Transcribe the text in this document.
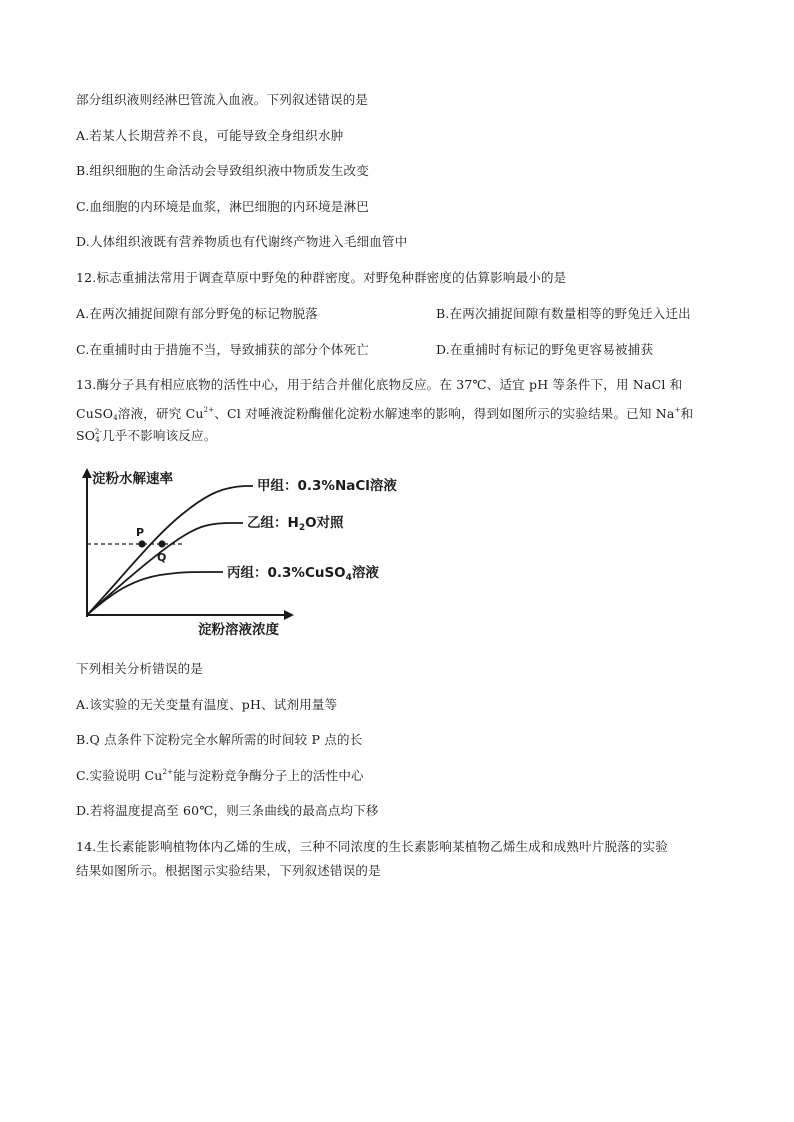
部分组织液则经淋巴管流入血液。下列叙述错误的是
A.若某人长期营养不良，可能导致全身组织水肿
B.组织细胞的生命活动会导致组织液中物质发生改变
C.血细胞的内环境是血浆，淋巴细胞的内环境是淋巴
D.人体组织液既有营养物质也有代谢终产物进入毛细血管中
12.标志重捕法常用于调查草原中野兔的种群密度。对野兔种群密度的估算影响最小的是
A.在两次捕捉间隙有部分野兔的标记物脱落	B.在两次捕捉间隙有数量相等的野兔迁入迁出
C.在重捕时由于措施不当，导致捕获的部分个体死亡	D.在重捕时有标记的野兔更容易被捕获
13.酶分子具有相应底物的活性中心，用于结合并催化底物反应。在 37℃、适宜 pH 等条件下，用 NaCl 和
CuSO$_4$溶液，研究 $Cu^{2+}$、Cl 对唾液淀粉酶催化淀粉水解速率的影响，得到如图所示的实验结果。已知 Na+和
$SO_4^{2-}$几乎不影响该反应。
淀粉水解速率
淀粉溶液浓度
P
Q
甲组：0.3%NaCl溶液
乙组：$H_2O$对照
丙组：0.3%CuSO$_4$溶液
下列相关分析错误的是
A.该实验的无关变量有温度、pH、试剂用量等
B.Q 点条件下淀粉完全水解所需的时间较 P 点的长
C.实验说明 $Cu^{2+}$能与淀粉竞争酶分子上的活性中心
D.若将温度提高至 60℃，则三条曲线的最高点均下移
14.生长素能影响植物体内乙烯的生成，三种不同浓度的生长素影响某植物乙烯生成和成熟叶片脱落的实验
结果如图所示。根据图示实验结果，下列叙述错误的是
